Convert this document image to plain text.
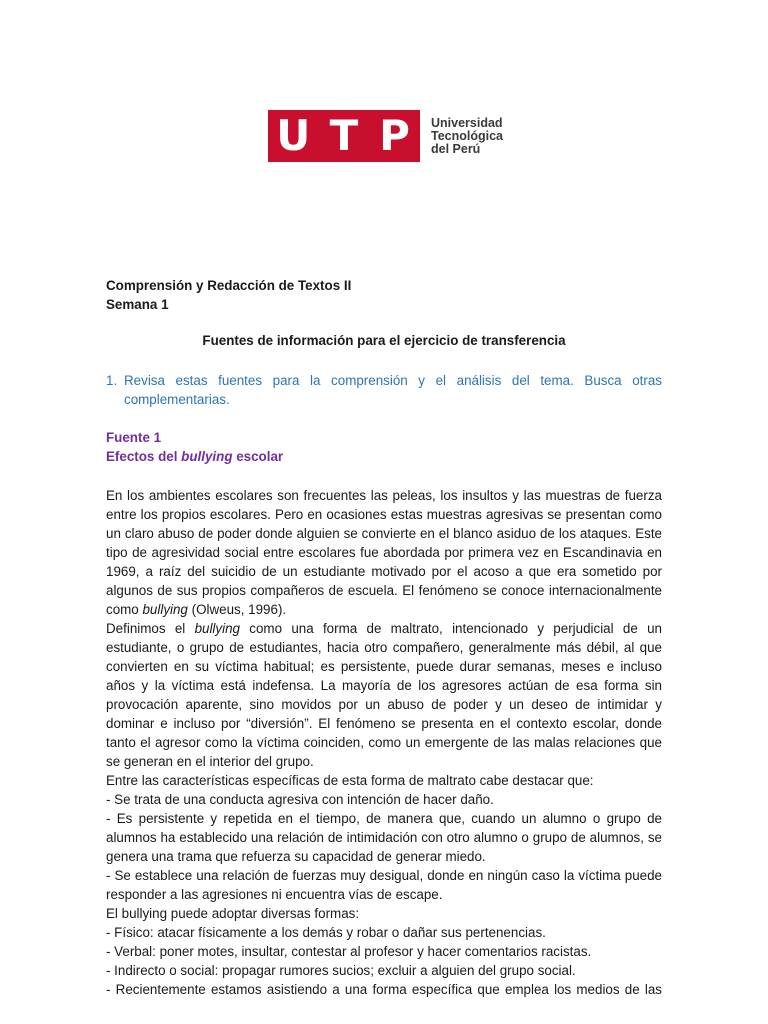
U T P	Universidad
Tecnológica
del Perú
Comprensión y Redacción de Textos II
Semana 1
Fuentes de información para el ejercicio de transferencia
1. Revisa estas fuentes para la comprensión y el análisis del tema. Busca otras complementarias.
Fuente 1
Efectos del bullying escolar

En los ambientes escolares son frecuentes las peleas, los insultos y las muestras de fuerza entre los propios escolares. Pero en ocasiones estas muestras agresivas se presentan como un claro abuso de poder donde alguien se convierte en el blanco asiduo de los ataques. Este tipo de agresividad social entre escolares fue abordada por primera vez en Escandinavia en 1969, a raíz del suicidio de un estudiante motivado por el acoso a que era sometido por algunos de sus propios compañeros de escuela. El fenómeno se conoce internacionalmente como bullying (Olweus, 1996).

Definimos el bullying como una forma de maltrato, intencionado y perjudicial de un estudiante, o grupo de estudiantes, hacia otro compañero, generalmente más débil, al que convierten en su víctima habitual; es persistente, puede durar semanas, meses e incluso años y la víctima está indefensa. La mayoría de los agresores actúan de esa forma sin provocación aparente, sino movidos por un abuso de poder y un deseo de intimidar y dominar e incluso por “diversión”. El fenómeno se presenta en el contexto escolar, donde tanto el agresor como la víctima coinciden, como un emergente de las malas relaciones que se generan en el interior del grupo.

Entre las características específicas de esta forma de maltrato cabe destacar que:

- Se trata de una conducta agresiva con intención de hacer daño.

- Es persistente y repetida en el tiempo, de manera que, cuando un alumno o grupo de alumnos ha establecido una relación de intimidación con otro alumno o grupo de alumnos, se genera una trama que refuerza su capacidad de generar miedo.

- Se establece una relación de fuerzas muy desigual, donde en ningún caso la víctima puede responder a las agresiones ni encuentra vías de escape.

El bullying puede adoptar diversas formas:

- Físico: atacar físicamente a los demás y robar o dañar sus pertenencias.

- Verbal: poner motes, insultar, contestar al profesor y hacer comentarios racistas.

- Indirecto o social: propagar rumores sucios; excluir a alguien del grupo social.

- Recientemente estamos asistiendo a una forma específica que emplea los medios de las
